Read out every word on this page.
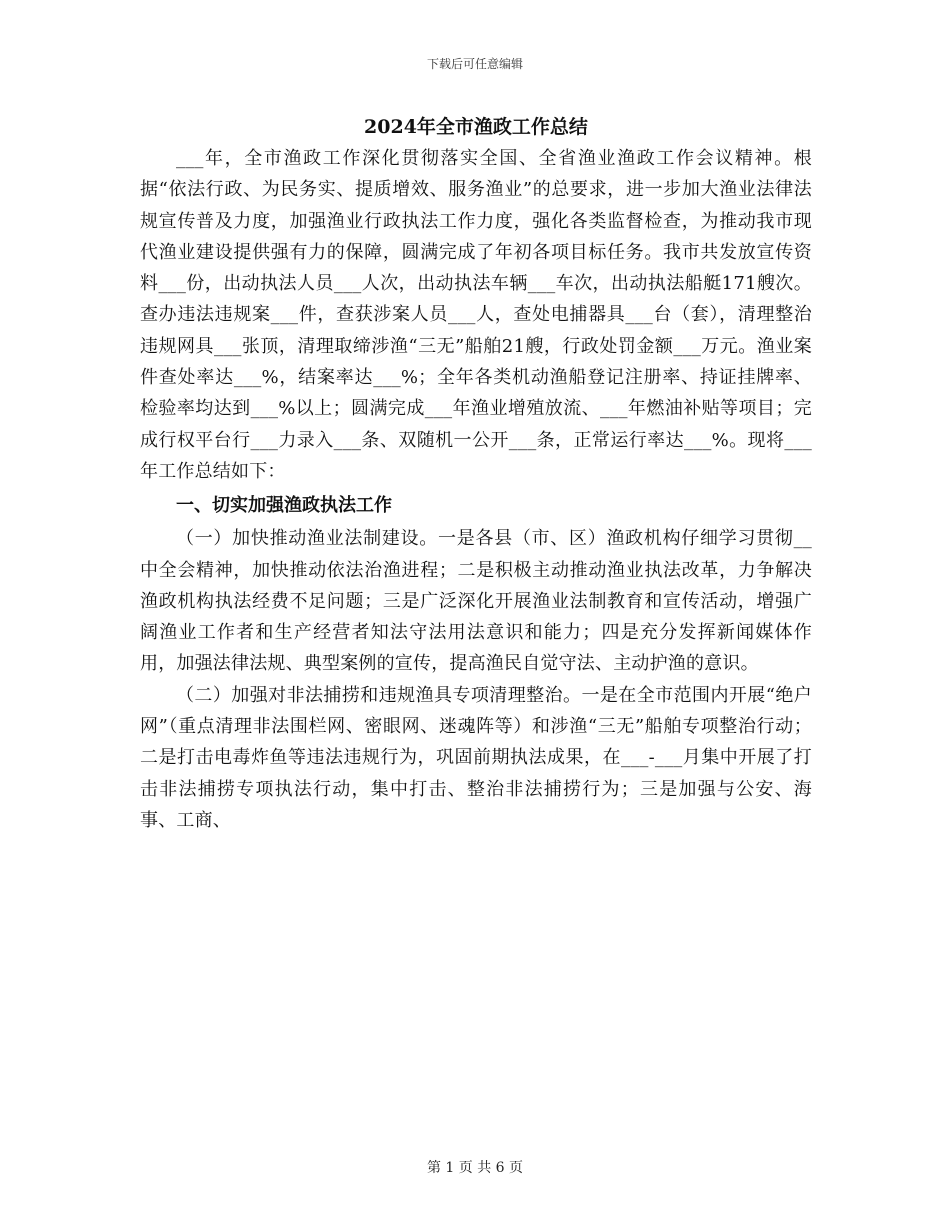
下载后可任意编辑
2024年全市渔政工作总结

___年，全市渔政工作深化贯彻落实全国、全省渔业渔政工作会议精神。根据“依法行政、为民务实、提质增效、服务渔业”的总要求，进一步加大渔业法律法规宣传普及力度，加强渔业行政执法工作力度，强化各类监督检查，为推动我市现代渔业建设提供强有力的保障，圆满完成了年初各项目标任务。我市共发放宣传资料___份，出动执法人员___人次，出动执法车辆___车次，出动执法船艇171艘次。查办违法违规案___件，查获涉案人员___人，查处电捕器具___台（套），清理整治违规网具___张顶，清理取缔涉渔“三无”船舶21艘，行政处罚金额___万元。渔业案件查处率达___%，结案率达___%；全年各类机动渔船登记注册率、持证挂牌率、检验率均达到___%以上；圆满完成___年渔业增殖放流、___年燃油补贴等项目；完成行权平台行___力录入___条、双随机一公开___条，正常运行率达___%。现将___年工作总结如下：

一、切实加强渔政执法工作

（一）加快推动渔业法制建设。一是各县（市、区）渔政机构仔细学习贯彻__中全会精神，加快推动依法治渔进程；二是积极主动推动渔业执法改革，力争解决渔政机构执法经费不足问题；三是广泛深化开展渔业法制教育和宣传活动，增强广阔渔业工作者和生产经营者知法守法用法意识和能力；四是充分发挥新闻媒体作用，加强法律法规、典型案例的宣传，提高渔民自觉守法、主动护渔的意识。

（二）加强对非法捕捞和违规渔具专项清理整治。一是在全市范围内开展“绝户网”（重点清理非法围栏网、密眼网、迷魂阵等）和涉渔“三无”船舶专项整治行动；二是打击电毒炸鱼等违法违规行为，巩固前期执法成果，在___-___月集中开展了打击非法捕捞专项执法行动，集中打击、整治非法捕捞行为；三是加强与公安、海事、工商、

第 1 页 共 6 页
